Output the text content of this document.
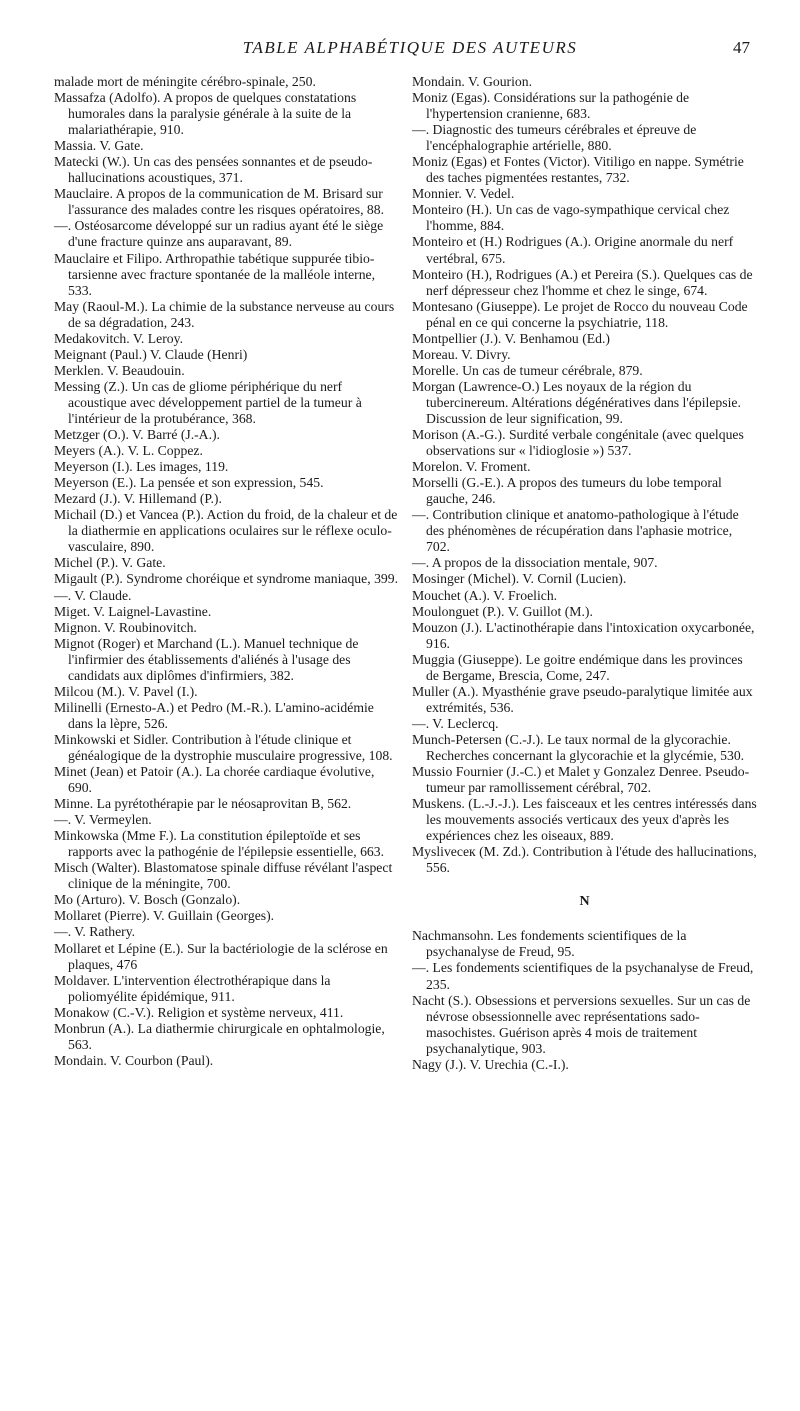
TABLE ALPHABÉTIQUE DES AUTEURS	47

malade mort de méningite cérébro-spinale, 250.

Massafza (Adolfo). A propos de quelques constatations humorales dans la paralysie générale à la suite de la malariathérapie, 910.

Massia. V. Gate.

Matecki (W.). Un cas des pensées sonnantes et de pseudo-hallucinations acoustiques, 371.

Mauclaire. A propos de la communication de M. Brisard sur l'assurance des malades contre les risques opératoires, 88.

—. Ostéosarcome développé sur un radius ayant été le siège d'une fracture quinze ans auparavant, 89.

Mauclaire et Filipo. Arthropathie tabétique suppurée tibio-tarsienne avec fracture spontanée de la malléole interne, 533.

May (Raoul-M.). La chimie de la substance nerveuse au cours de sa dégradation, 243.

Medakovitch. V. Leroy.

Meignant (Paul.) V. Claude (Henri)

Merklen. V. Beaudouin.

Messing (Z.). Un cas de gliome périphérique du nerf acoustique avec développement partiel de la tumeur à l'intérieur de la protubérance, 368.

Metzger (O.). V. Barré (J.-A.).

Meyers (A.). V. L. Coppez.

Meyerson (I.). Les images, 119.

Meyerson (E.). La pensée et son expression, 545.

Mezard (J.). V. Hillemand (P.).

Michail (D.) et Vancea (P.). Action du froid, de la chaleur et de la diathermie en applications oculaires sur le réflexe oculo-vasculaire, 890.

Michel (P.). V. Gate.

Migault (P.). Syndrome choréique et syndrome maniaque, 399.

—. V. Claude.

Miget. V. Laignel-Lavastine.

Mignon. V. Roubinovitch.

Mignot (Roger) et Marchand (L.). Manuel technique de l'infirmier des établissements d'aliénés à l'usage des candidats aux diplômes d'infirmiers, 382.

Milcou (M.). V. Pavel (I.).

Milinelli (Ernesto-A.) et Pedro (M.-R.). L'amino-acidémie dans la lèpre, 526.

Minkowski et Sidler. Contribution à l'étude clinique et généalogique de la dystrophie musculaire progressive, 108.

Minet (Jean) et Patoir (A.). La chorée cardiaque évolutive, 690.

Minne. La pyrétothérapie par le néosaprovitan B, 562.

—. V. Vermeylen.

Minkowska (Mme F.). La constitution épileptoïde et ses rapports avec la pathogénie de l'épilepsie essentielle, 663.

Misch (Walter). Blastomatose spinale diffuse révélant l'aspect clinique de la méningite, 700.

Mo (Arturo). V. Bosch (Gonzalo).

Mollaret (Pierre). V. Guillain (Georges).

—. V. Rathery.

Mollaret et Lépine (E.). Sur la bactériologie de la sclérose en plaques, 476

Moldaver. L'intervention électrothérapique dans la poliomyélite épidémique, 911.

Monakow (C.-V.). Religion et système nerveux, 411.

Monbrun (A.). La diathermie chirurgicale en ophtalmologie, 563.

Mondain. V. Courbon (Paul).

Mondain. V. Gourion.

Moniz (Egas). Considérations sur la pathogénie de l'hypertension cranienne, 683.

—. Diagnostic des tumeurs cérébrales et épreuve de l'encéphalographie artérielle, 880.

Moniz (Egas) et Fontes (Victor). Vitiligo en nappe. Symétrie des taches pigmentées restantes, 732.

Monnier. V. Vedel.

Monteiro (H.). Un cas de vago-sympathique cervical chez l'homme, 884.

Monteiro et (H.) Rodrigues (A.). Origine anormale du nerf vertébral, 675.

Monteiro (H.), Rodrigues (A.) et Pereira (S.). Quelques cas de nerf dépresseur chez l'homme et chez le singe, 674.

Montesano (Giuseppe). Le projet de Rocco du nouveau Code pénal en ce qui concerne la psychiatrie, 118.

Montpellier (J.). V. Benhamou (Ed.)

Moreau. V. Divry.

Morelle. Un cas de tumeur cérébrale, 879.

Morgan (Lawrence-O.) Les noyaux de la région du tubercinereum. Altérations dégénératives dans l'épilepsie. Discussion de leur signification, 99.

Morison (A.-G.). Surdité verbale congénitale (avec quelques observations sur « l'idioglosie ») 537.

Morelon. V. Froment.

Morselli (G.-E.). A propos des tumeurs du lobe temporal gauche, 246.

—. Contribution clinique et anatomo-pathologique à l'étude des phénomènes de récupération dans l'aphasie motrice, 702.

—. A propos de la dissociation mentale, 907.

Mosinger (Michel). V. Cornil (Lucien).

Mouchet (A.). V. Froelich.

Moulonguet (P.). V. Guillot (M.).

Mouzon (J.). L'actinothérapie dans l'intoxication oxycarbonée, 916.

Muggia (Giuseppe). Le goitre endémique dans les provinces de Bergame, Brescia, Come, 247.

Muller (A.). Myasthénie grave pseudo-paralytique limitée aux extrémités, 536.

—. V. Leclercq.

Munch-Petersen (C.-J.). Le taux normal de la glycorachie. Recherches concernant la glycorachie et la glycémie, 530.

Mussio Fournier (J.-C.) et Malet y Gonzalez Denree. Pseudo-tumeur par ramollissement cérébral, 702.

Muskens. (L.-J.-J.). Les faisceaux et les centres intéressés dans les mouvements associés verticaux des yeux d'après les expériences chez les oiseaux, 889.

Mysliveceк (M. Zd.). Contribution à l'étude des hallucinations, 556.

N

Nachmansohn. Les fondements scientifiques de la psychanalyse de Freud, 95.

—. Les fondements scientifiques de la psychanalyse de Freud, 235.

Nacht (S.). Obsessions et perversions sexuelles. Sur un cas de névrose obsessionnelle avec représentations sado-masochistes. Guérison après 4 mois de traitement psychanalytique, 903.

Nagy (J.). V. Urechia (C.-I.).
